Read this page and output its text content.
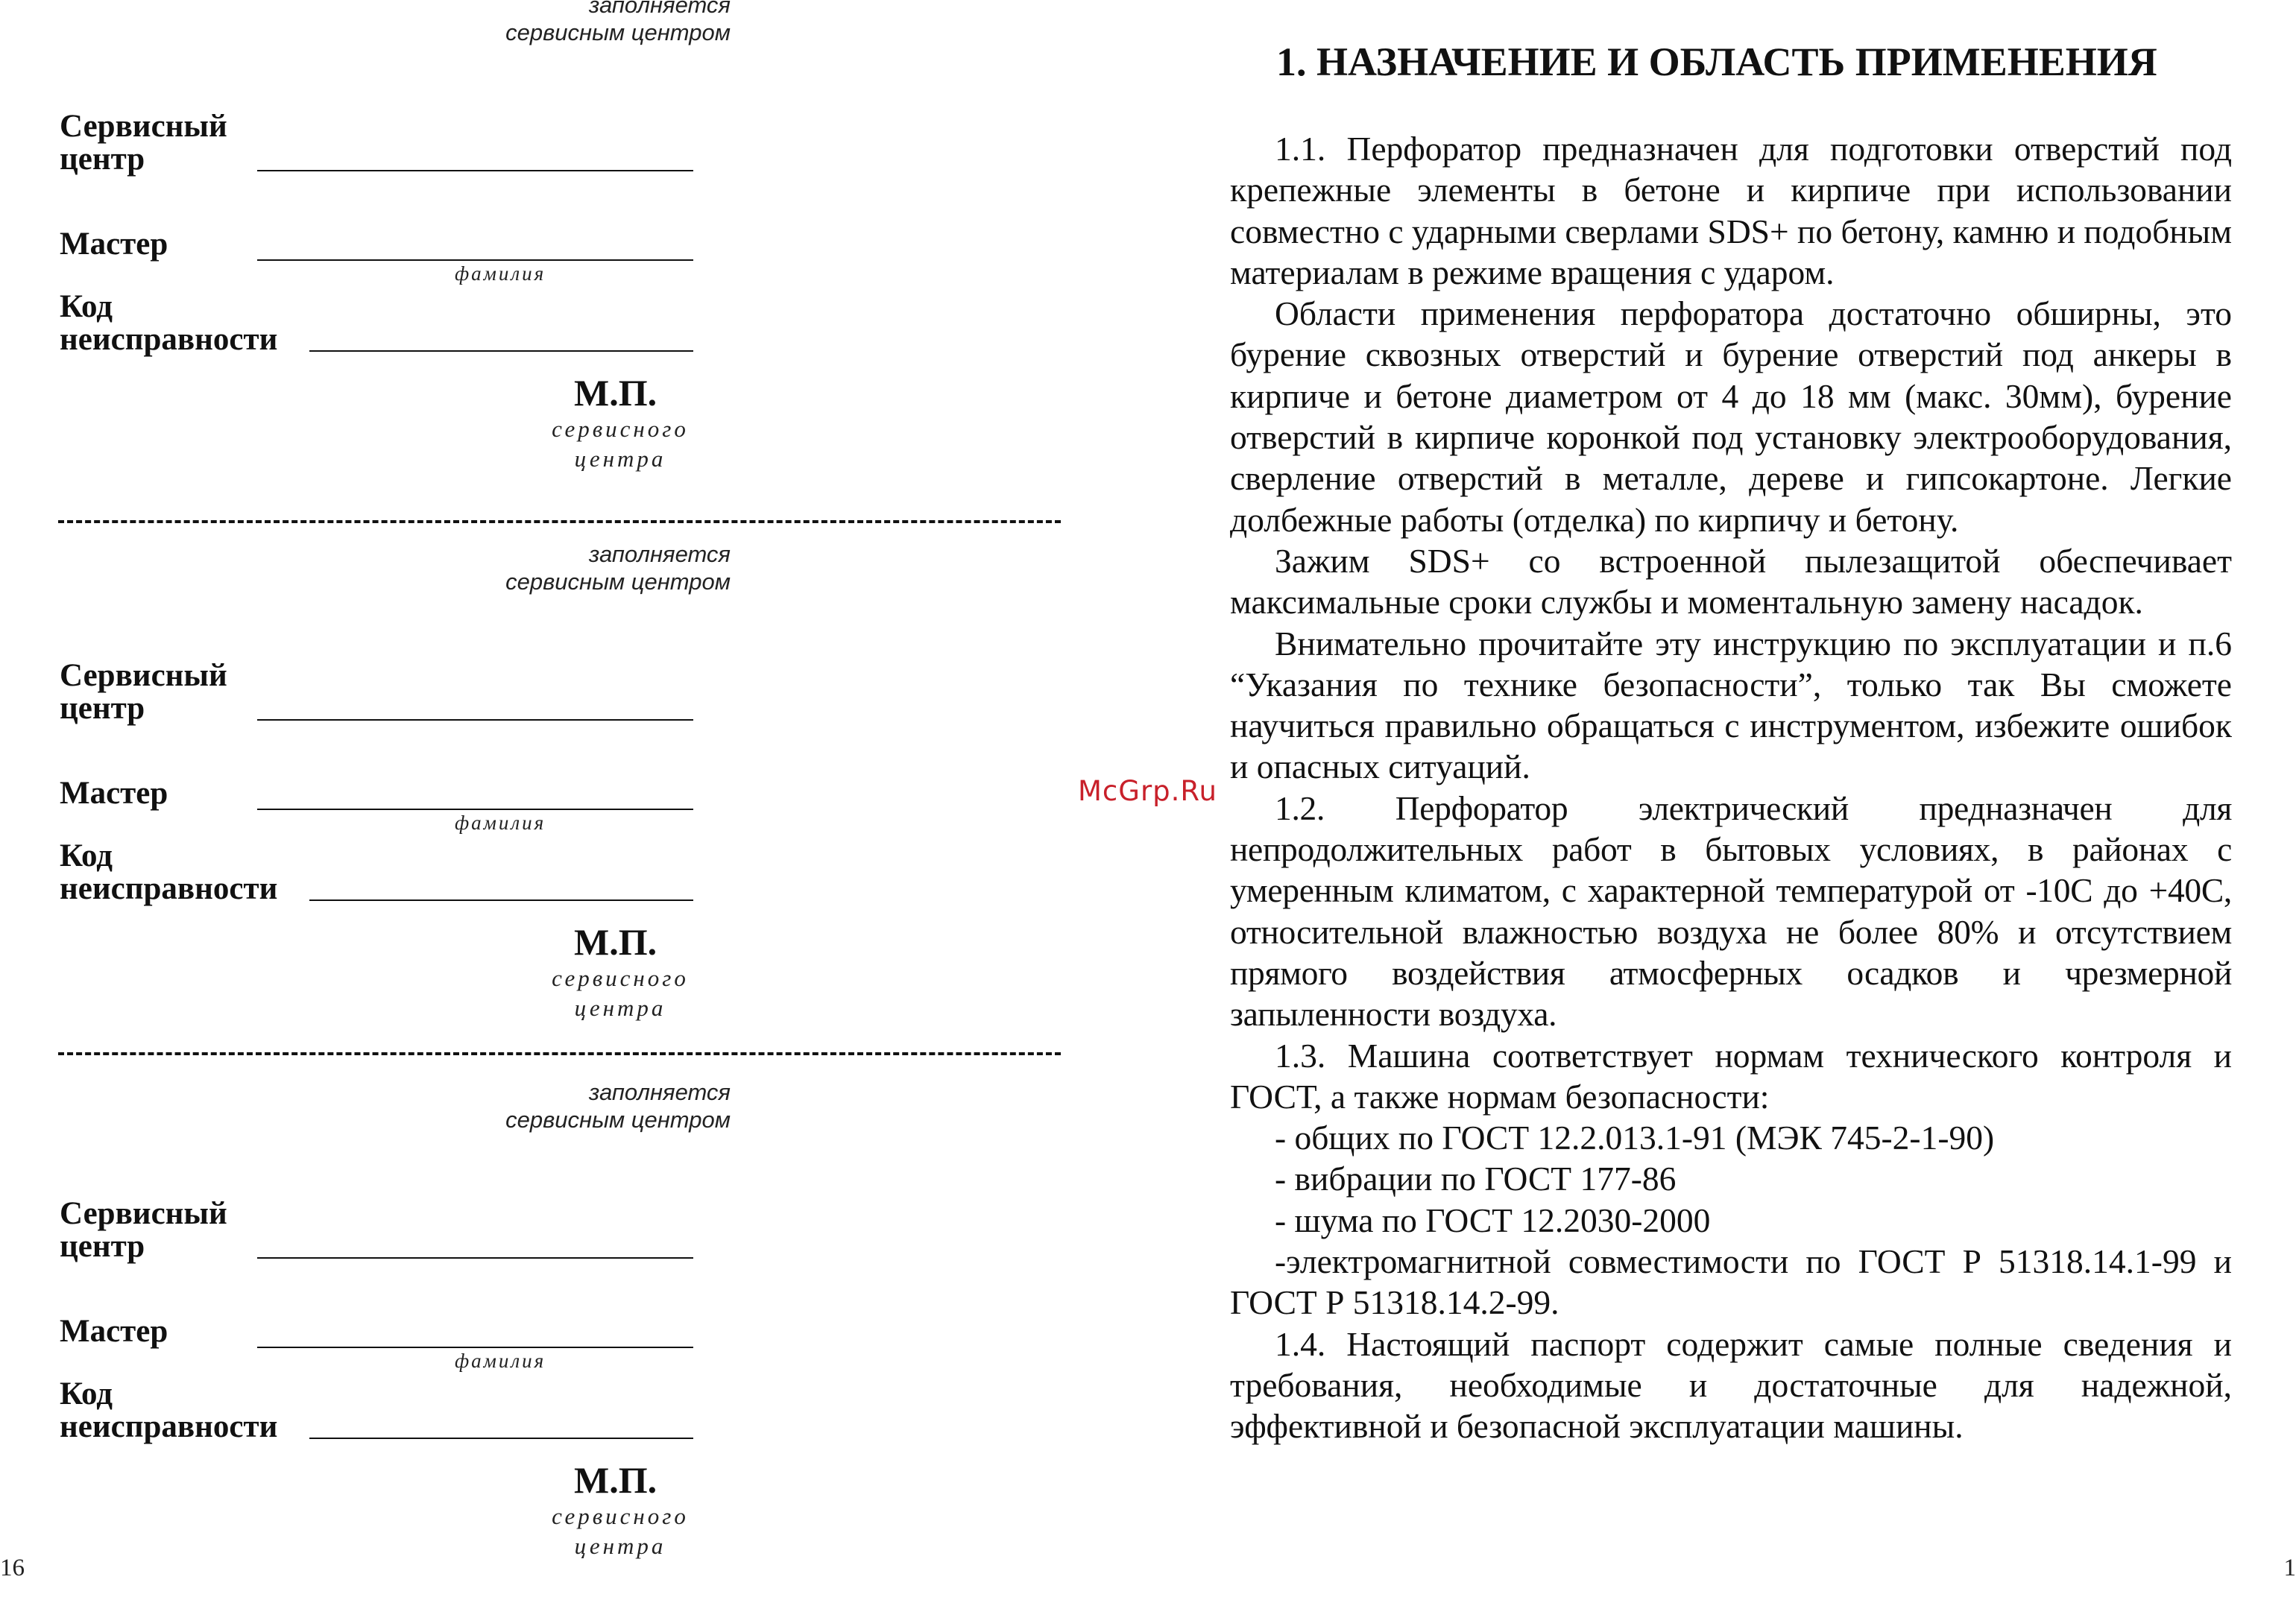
заполняется
сервисным центром
Сервисный
центр
Мастер
фамилия
Код
неисправности
М.П.
сервисного
центра
заполняется
сервисным центром
Сервисный
центр
Мастер
фамилия
Код
неисправности
М.П.
сервисного
центра
заполняется
сервисным центром
Сервисный
центр
Мастер
фамилия
Код
неисправности
М.П.
сервисного
центра
1. НАЗНАЧЕНИЕ И ОБЛАСТЬ ПРИМЕНЕНИЯ

1.1. Перфоратор предназначен для подготовки отверстий под крепежные элементы в бетоне и кирпиче при использовании совместно с ударными сверлами SDS+ по бетону, камню и подобным материалам в режиме вращения с ударом.

Области применения перфоратора достаточно обширны, это бурение сквозных отверстий и бурение отверстий под анкеры в кирпиче и бетоне диаметром от 4 до 18 мм (макс. 30мм), бурение отверстий в кирпиче коронкой под установку электрооборудования, сверление отверстий в металле, дереве и гипсокартоне. Легкие долбежные работы (отделка) по кирпичу и бетону.

Зажим SDS+ со встроенной пылезащитой обеспечивает максимальные сроки службы и моментальную замену насадок.

Внимательно прочитайте эту инструкцию по эксплуатации и п.6 “Указания по технике безопасности”, только так Вы сможете научиться правильно обращаться с инструментом, избежите ошибок и опасных ситуаций.

1.2. Перфоратор электрический предназначен для непродолжительных работ в бытовых условиях, в районах с умеренным климатом, с характерной температурой от -10С до +40С, относительной влажностью воздуха не более 80% и отсутствием прямого воздействия атмосферных осадков и чрезмерной запыленности воздуха.

1.3. Машина соответствует нормам технического контроля и ГОСТ, а также нормам безопасности:

- общих по ГОСТ 12.2.013.1-91 (МЭК 745-2-1-90)

- вибрации по ГОСТ 177-86

- шума по ГОСТ 12.2030-2000

-электромагнитной совместимости по ГОСТ Р 51318.14.1-99 и ГОСТ Р 51318.14.2-99.

1.4. Настоящий паспорт содержит самые полные сведения и требования, необходимые и достаточные для надежной, эффективной и безопасной эксплуатации машины.

McGrp.Ru
16	1
